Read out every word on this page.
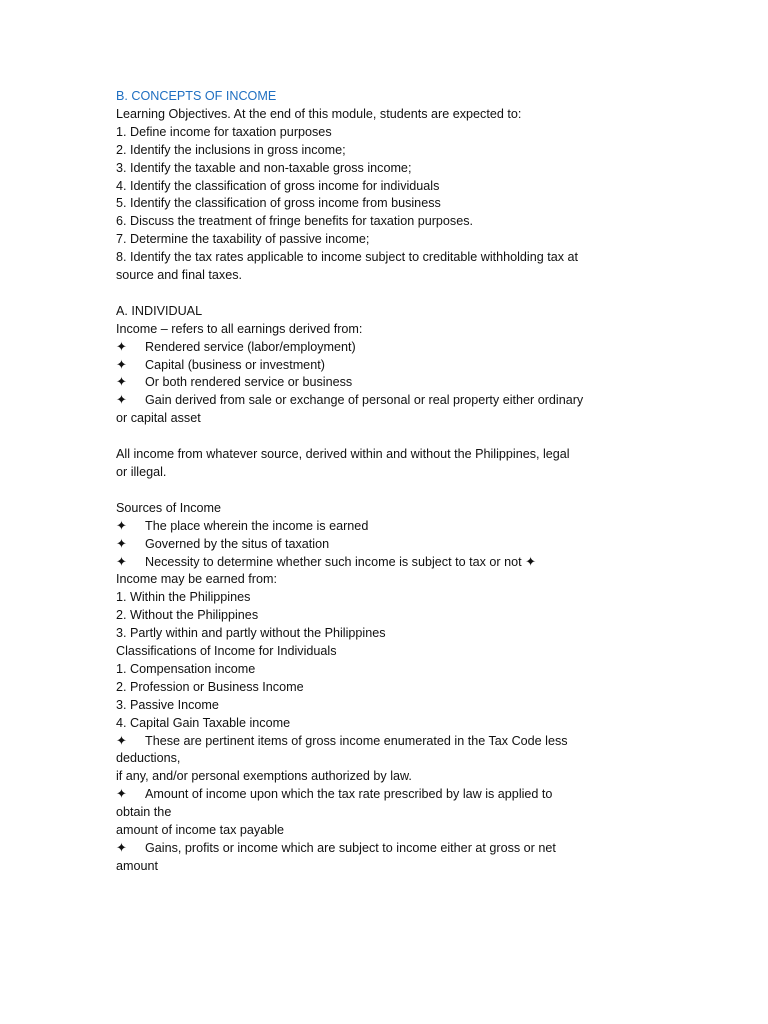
B. CONCEPTS OF INCOME
Learning Objectives. At the end of this module, students are expected to:
1. Define income for taxation purposes
2. Identify the inclusions in gross income;
3. Identify the taxable and non-taxable gross income;
4. Identify the classification of gross income for individuals
5. Identify the classification of gross income from business
6. Discuss the treatment of fringe benefits for taxation purposes.
7. Determine the taxability of passive income;
8. Identify the tax rates applicable to income subject to creditable withholding tax at
source and final taxes.
A. INDIVIDUAL
Income – refers to all earnings derived from:
✦ Rendered service (labor/employment)
✦ Capital (business or investment)
✦ Or both rendered service or business
✦ Gain derived from sale or exchange of personal or real property either ordinary
or capital asset
All income from whatever source, derived within and without the Philippines, legal
or illegal.
Sources of Income
✦ The place wherein the income is earned
✦ Governed by the situs of taxation
✦ Necessity to determine whether such income is subject to tax or not ✦
Income may be earned from:
1. Within the Philippines
2. Without the Philippines
3. Partly within and partly without the Philippines
Classifications of Income for Individuals
1. Compensation income
2. Profession or Business Income
3. Passive Income
4. Capital Gain Taxable income
✦ These are pertinent items of gross income enumerated in the Tax Code less
deductions,
if any, and/or personal exemptions authorized by law.
✦ Amount of income upon which the tax rate prescribed by law is applied to
obtain the
amount of income tax payable
✦ Gains, profits or income which are subject to income either at gross or net
amount
